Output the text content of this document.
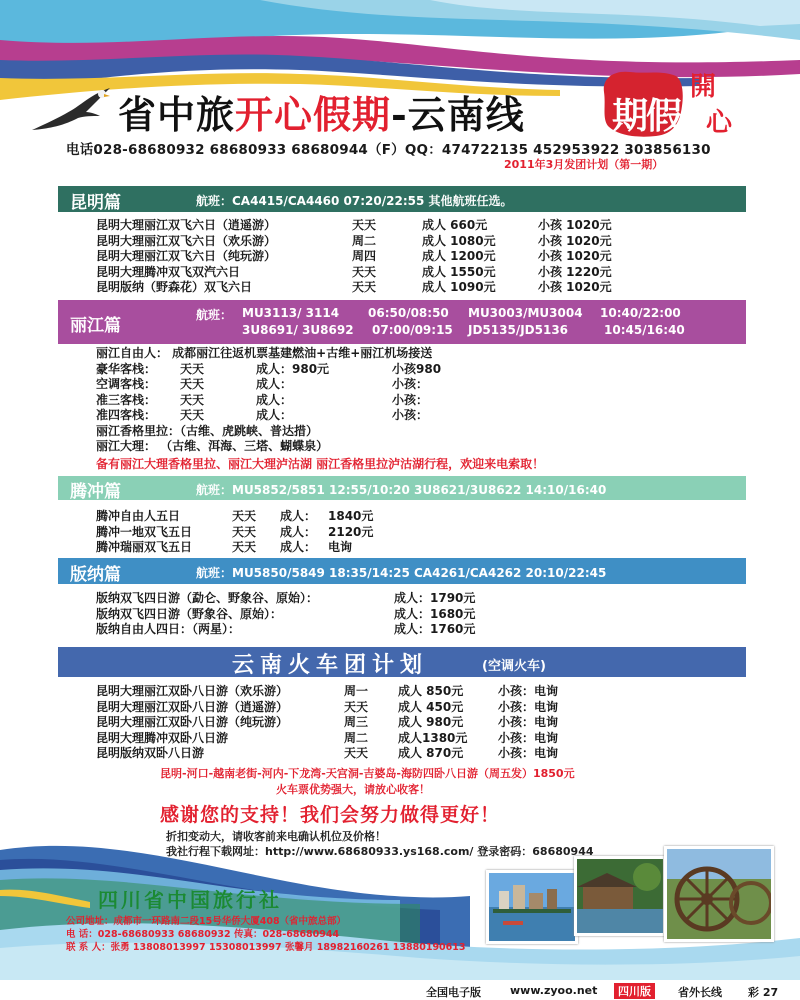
省中旅开心假期-云南线 期假
開
心
电话028-68680932 68680933 68680944（F）QQ：474722135 452953922 303856130
2011年3月发团计划（第一期）
昆明篇	航班：CA4415/CA4460 07:20/22:55 其他航班任选。
昆明大理丽江双飞六日（逍遥游）	天天	成人 660元	小孩 1020元
昆明大理丽江双飞六日（欢乐游）	周二	成人 1080元	小孩 1020元
昆明大理丽江双飞六日（纯玩游）	周四	成人 1200元	小孩 1020元
昆明大理腾冲双飞双汽六日	天天	成人 1550元	小孩 1220元
昆明版纳（野森花）双飞六日	天天	成人 1090元	小孩 1020元
丽江篇
航班： MU3113/ 3114 06:50/08:50 MU3003/MU3004 10:40/22:00
3U8691/ 3U8692 07:00/09:15 JD5135/JD5136	10:45/16:40
丽江自由人： 成都丽江往返机票基建燃油+古维+丽江机场接送
豪华客栈： 天天	成人：980元	小孩980
空调客栈： 天天	成人：	小孩：
准三客栈： 天天	成人：	小孩：
准四客栈： 天天	成人：	小孩：
丽江香格里拉：（古维、虎跳峡、普达措）
丽江大理： （古维、洱海、三塔、蝴蝶泉）
备有丽江大理香格里拉、丽江大理泸沽湖 丽江香格里拉泸沽湖行程，欢迎来电索取！
腾冲篇	航班：MU5852/5851 12:55/10:20 3U8621/3U8622 14:10/16:40
腾冲自由人五日	天天 成人： 1840元
腾冲一地双飞五日	天天 成人： 2120元
腾冲瑞丽双飞五日	天天 成人： 电询
版纳篇	航班：MU5850/5849 18:35/14:25 CA4261/CA4262 20:10/22:45
版纳双飞四日游（勐仑、野象谷、原始）：	成人：1790元
版纳双飞四日游（野象谷、原始）：	成人：1680元
版纳自由人四日：（两星）：	成人：1760元
云南火车团计划	(空调火车)
昆明大理丽江双卧八日游（欢乐游）	周一 成人 850元	小孩：电询
昆明大理丽江双卧八日游（逍遥游）	天天 成人 450元	小孩：电询
昆明大理丽江双卧八日游（纯玩游）	周三 成人 980元	小孩：电询
昆明大理腾冲双卧八日游	周二 成人1380元	小孩：电询
昆明版纳双卧八日游	天天 成人 870元	小孩：电询
昆明-河口-越南老街-河内-下龙湾-天宫洞-吉婆岛-海防四卧八日游（周五发）1850元
火车票优势强大，请放心收客！
感谢您的支持！我们会努力做得更好！
折扣变动大，请收客前来电确认机位及价格！
我社行程下载网址：http://www.68680933.ys168.com/ 登录密码：68680944
四川省中国旅行社
公司地址：成都市一环路南二段15号华侨大厦408（省中旅总部）
电 话：028-68680933 68680932 传真：028-68680944
联 系 人：张勇 13808013997 15308013997 张馨月 18982160261 13880190613
全国电子版	www.zyoo.net	四川版	省外长线 彩 27
